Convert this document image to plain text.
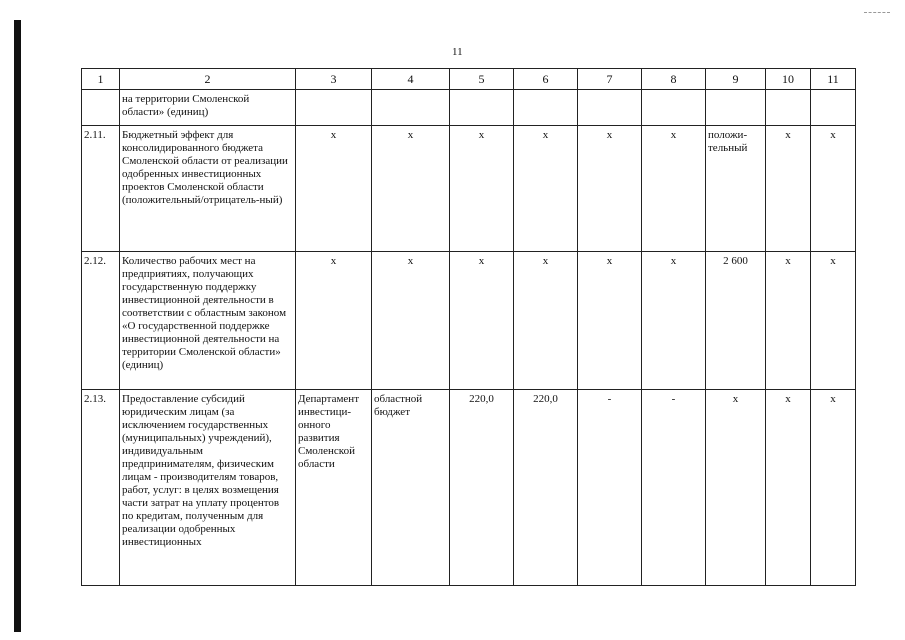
11
1	2	3	4	5	6	7	8	9	10	11
	на территории Смоленской области» (единиц)									
2.11.	Бюджетный эффект для консолидированного бюджета Смоленской области от реализации одобренных инвестиционных проектов Смоленской области (положительный/отрицатель-ный)	х	х	х	х	х	х	положи-тельный	х	х
2.12.	Количество рабочих мест на предприятиях, получающих государственную поддержку инвестиционной деятельности в соответствии с областным законом «О государственной поддержке инвестиционной деятельности на территории Смоленской области» (единиц)	х	х	х	х	х	х	2 600	х	х
2.13.	Предоставление субсидий юридическим лицам (за исключением государственных (муниципальных) учреждений), индивидуальным предпринимателям, физическим лицам - производителям товаров, работ, услуг: в целях возмещения части затрат на уплату процентов по кредитам, полученным для реализации одобренных инвестиционных	Департамент инвестици-онного развития Смоленской области	областной бюджет	220,0	220,0	-	-	х	х	х
